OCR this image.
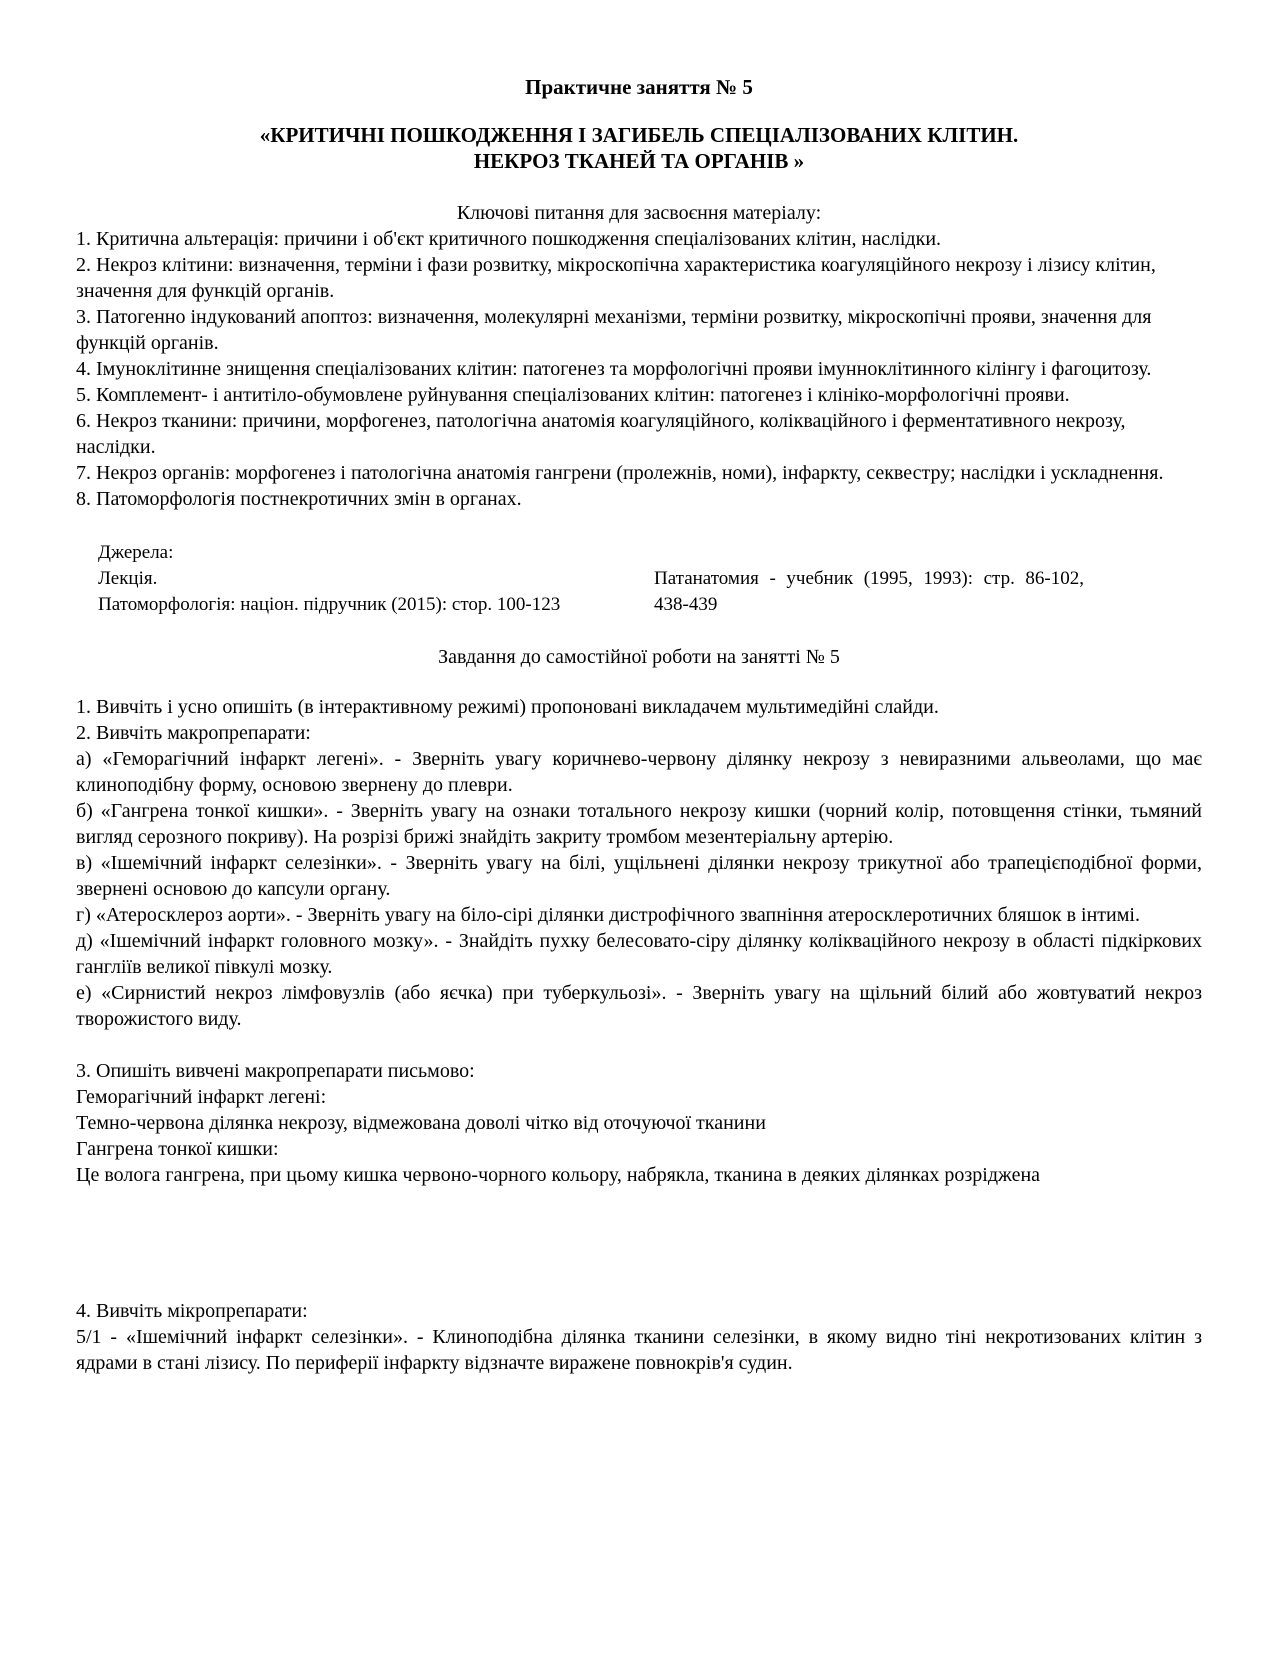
Практичне заняття № 5

«КРИТИЧНІ ПОШКОДЖЕННЯ І ЗАГИБЕЛЬ СПЕЦІАЛІЗОВАНИХ КЛІТИН.
НЕКРОЗ ТКАНЕЙ ТА ОРГАНІВ »

Ключові питання для засвоєння матеріалу:

1. Критична альтерація: причини і об'єкт критичного пошкодження спеціалізованих клітин, наслідки.

2. Некроз клітини: визначення, терміни і фази розвитку, мікроскопічна характеристика коагуляційного некрозу і лізису клітин, значення для функцій органів.

3. Патогенно індукований апоптоз: визначення, молекулярні механізми, терміни розвитку, мікроскопічні прояви, значення для функцій органів.

4. Імуноклітинне знищення спеціалізованих клітин: патогенез та морфологічні прояви імунноклітинного кілінгу і фагоцитозу.

5. Комплемент- і антитіло-обумовлене руйнування спеціалізованих клітин: патогенез і клініко-морфологічні прояви.

6. Некроз тканини: причини, морфогенез, патологічна анатомія коагуляційного, колікваційного і ферментативного некрозу, наслідки.

7. Некроз органів: морфогенез і патологічна анатомія гангрени (пролежнів, номи), інфаркту, секвестру; наслідки і ускладнення.

8. Патоморфологія постнекротичних змін в органах.

Джерела:
Лекція.
Патоморфологія: націон. підручник (2015): стор. 100-123
Патанатомия - учебник (1995, 1993): стр. 86-102, 438-439

Завдання до самостійної роботи на занятті № 5

1. Вивчіть і усно опишіть (в інтерактивному режимі) пропоновані викладачем мультимедійні слайди.

2. Вивчіть макропрепарати:

а) «Геморагічний інфаркт легені». - Зверніть увагу коричнево-червону ділянку некрозу з невиразними альвеолами, що має клиноподібну форму, основою звернену до плеври.

б) «Гангрена тонкої кишки». - Зверніть увагу на ознаки тотального некрозу кишки (чорний колір, потовщення стінки, тьмяний вигляд серозного покриву). На розрізі брижі знайдіть закриту тромбом мезентеріальну артерію.

в) «Ішемічний інфаркт селезінки». - Зверніть увагу на білі, ущільнені ділянки некрозу трикутної або трапецієподібної форми, звернені основою до капсули органу.

г) «Атеросклероз аорти». - Зверніть увагу на біло-сірі ділянки дистрофічного звапніння атеросклеротичних бляшок в інтимі.

д) «Ішемічний інфаркт головного мозку». - Знайдіть пухку белесовато-сіру ділянку колікваційного некрозу в області підкіркових гангліїв великої півкулі мозку.

е) «Сирнистий некроз лімфовузлів (або яєчка) при туберкульозі». - Зверніть увагу на щільний білий або жовтуватий некроз творожистого виду.

3. Опишіть вивчені макропрепарати письмово:

Геморагічний інфаркт легені:

Темно-червона ділянка некрозу, відмежована доволі чітко від оточуючої тканини

Гангрена тонкої кишки:

Це волога гангрена, при цьому кишка червоно-чорного кольору, набрякла, тканина в деяких ділянках розріджена

4. Вивчіть мікропрепарати:

5/1 - «Ішемічний інфаркт селезінки». - Клиноподібна ділянка тканини селезінки, в якому видно тіні некротизованих клітин з ядрами в стані лізису. По периферії інфаркту відзначте виражене повнокрів'я судин.
